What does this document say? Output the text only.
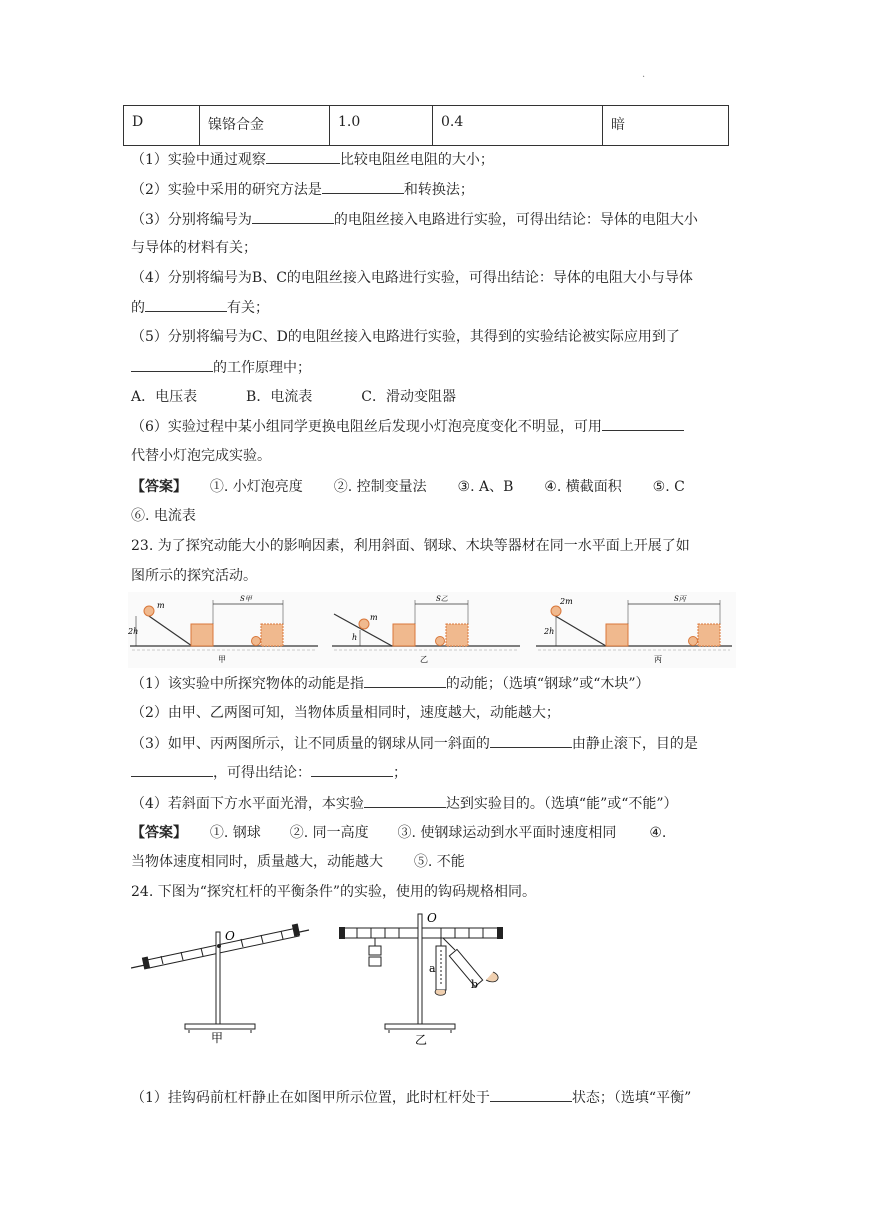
·
D	镍铬合金	1.0	0.4	暗
（1）实验中通过观察	比较电阻丝电阻的大小；
（2）实验中采用的研究方法是	和转换法；
（3）分别将编号为	的电阻丝接入电路进行实验，可得出结论：导体的电阻大小
与导体的材料有关；
（4）分别将编号为B、C的电阻丝接入电路进行实验，可得出结论：导体的电阻大小与导体
的	有关；
（5）分别将编号为C、D的电阻丝接入电路进行实验，其得到的实验结论被实际应用到了
的工作原理中；
A．电压表	B．电流表	C．滑动变阻器
（6）实验过程中某小组同学更换电阻丝后发现小灯泡亮度变化不明显，可用
代替小灯泡完成实验。
【答案】 ①. 小灯泡亮度 ②. 控制变量法 ③. A、B ④. 横截面积 ⑤. C
⑥. 电流表
23. 为了探究动能大小的影响因素，利用斜面、钢球、木块等器材在同一水平面上开展了如
图所示的探究活动。
m
2h
S甲
甲
m
h
S乙
乙
2m
2h
S丙
丙
（1）该实验中所探究物体的动能是指	的动能；（选填“钢球”或“木块”）
（2）由甲、乙两图可知，当物体质量相同时，速度越大，动能越大；
（3）如甲、丙两图所示，让不同质量的钢球从同一斜面的	由静止滚下，目的是
，可得出结论：	；
（4）若斜面下方水平面光滑，本实验	达到实验目的。（选填“能”或“不能”）
【答案】 ①. 钢球 ②. 同一高度 ③. 使钢球运动到水平面时速度相同 ④.
当物体速度相同时，质量越大，动能越大 ⑤. 不能
24. 下图为“探究杠杆的平衡条件”的实验，使用的钩码规格相同。
O
甲
O
a
b
乙
（1）挂钩码前杠杆静止在如图甲所示位置，此时杠杆处于	状态；（选填“平衡”
